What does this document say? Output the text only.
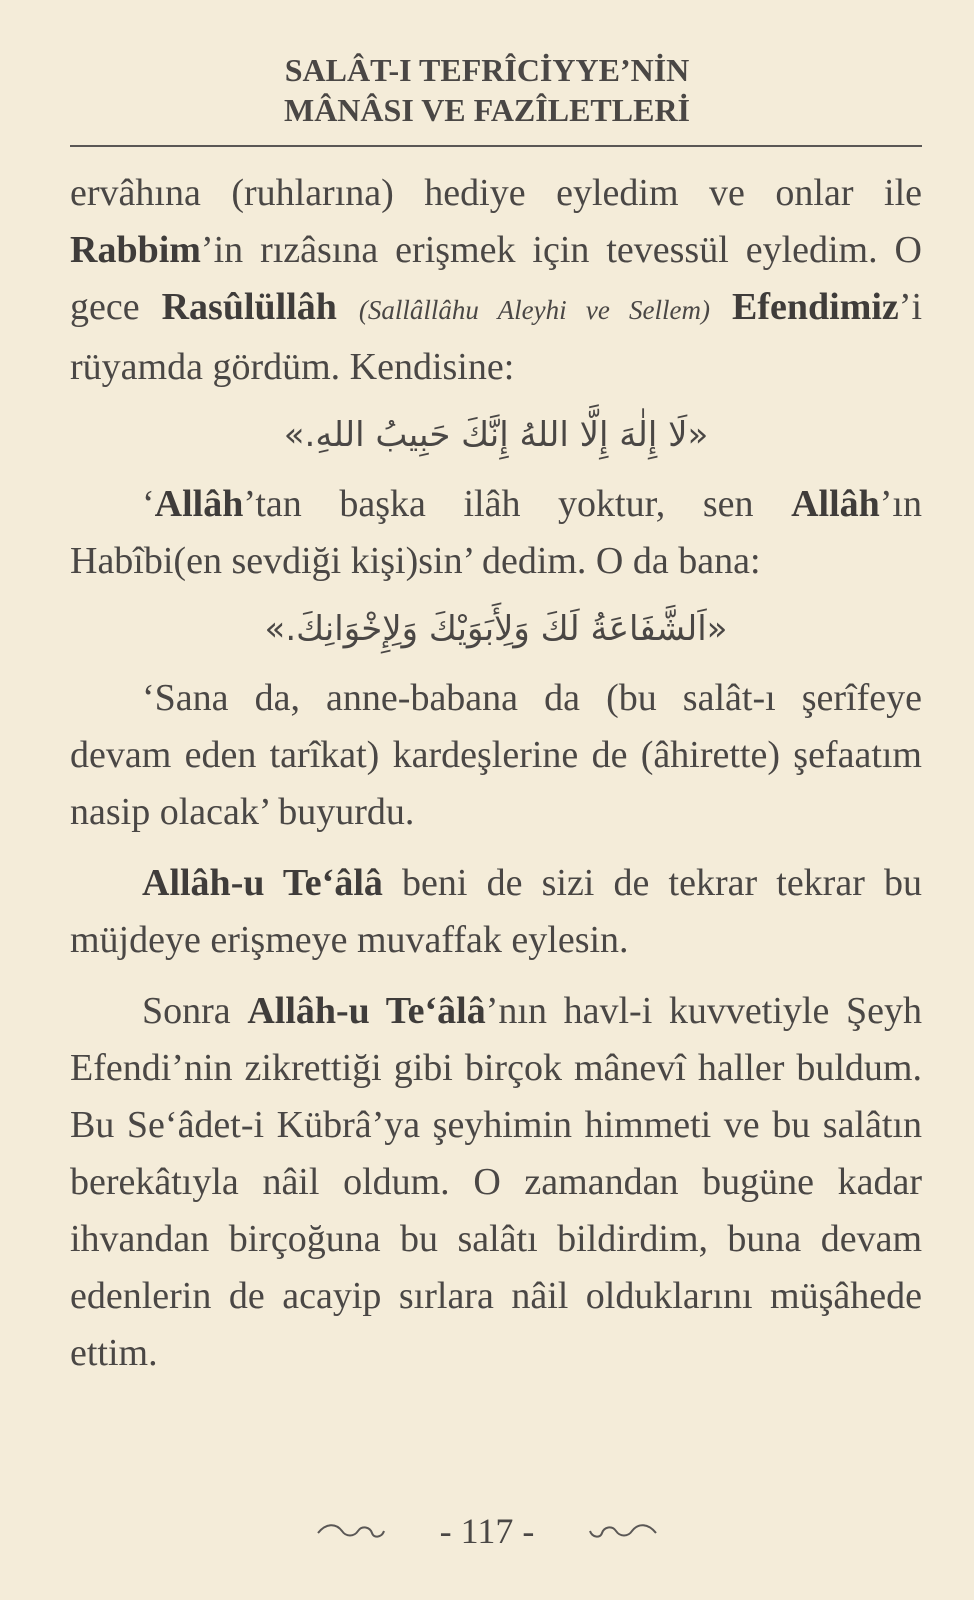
SALÂT-I TEFRÎCİYYE’NİN
MÂNÂSI VE FAZÎLETLERİ

ervâhına (ruhlarına) hediye eyledim ve onlar ile Rabbim’in rızâsına erişmek için tevessül eyledim. O gece Rasûlüllâh (Sallâllâhu Aleyhi ve Sellem) Efendimiz’i rüyamda gördüm. Kendisine:

«لَا إِلٰهَ إِلَّا اللهُ إِنَّكَ حَبِيبُ اللهِ.»

‘Allâh’tan başka ilâh yoktur, sen Allâh’ın Habîbi(en sevdiği kişi)sin’ dedim. O da bana:

«اَلشَّفَاعَةُ لَكَ وَلِأَبَوَيْكَ وَلِإِخْوَانِكَ.»

‘Sana da, anne-babana da (bu salât-ı şerîfeye devam eden tarîkat) kardeşlerine de (âhirette) şefaatım nasip olacak’ buyurdu.

Allâh-u Te‘âlâ beni de sizi de tekrar tekrar bu müjdeye erişmeye muvaffak eylesin.

Sonra Allâh-u Te‘âlâ’nın havl-i kuvvetiyle Şeyh Efendi’nin zikrettiği gibi birçok mânevî haller buldum. Bu Se‘âdet-i Kübrâ’ya şeyhimin himmeti ve bu salâtın berekâtıyla nâil oldum. O zamandan bugüne kadar ihvandan birçoğuna bu salâtı bildirdim, buna devam edenlerin de acayip sırlara nâil olduklarını müşâhede ettim.

- 117 -
